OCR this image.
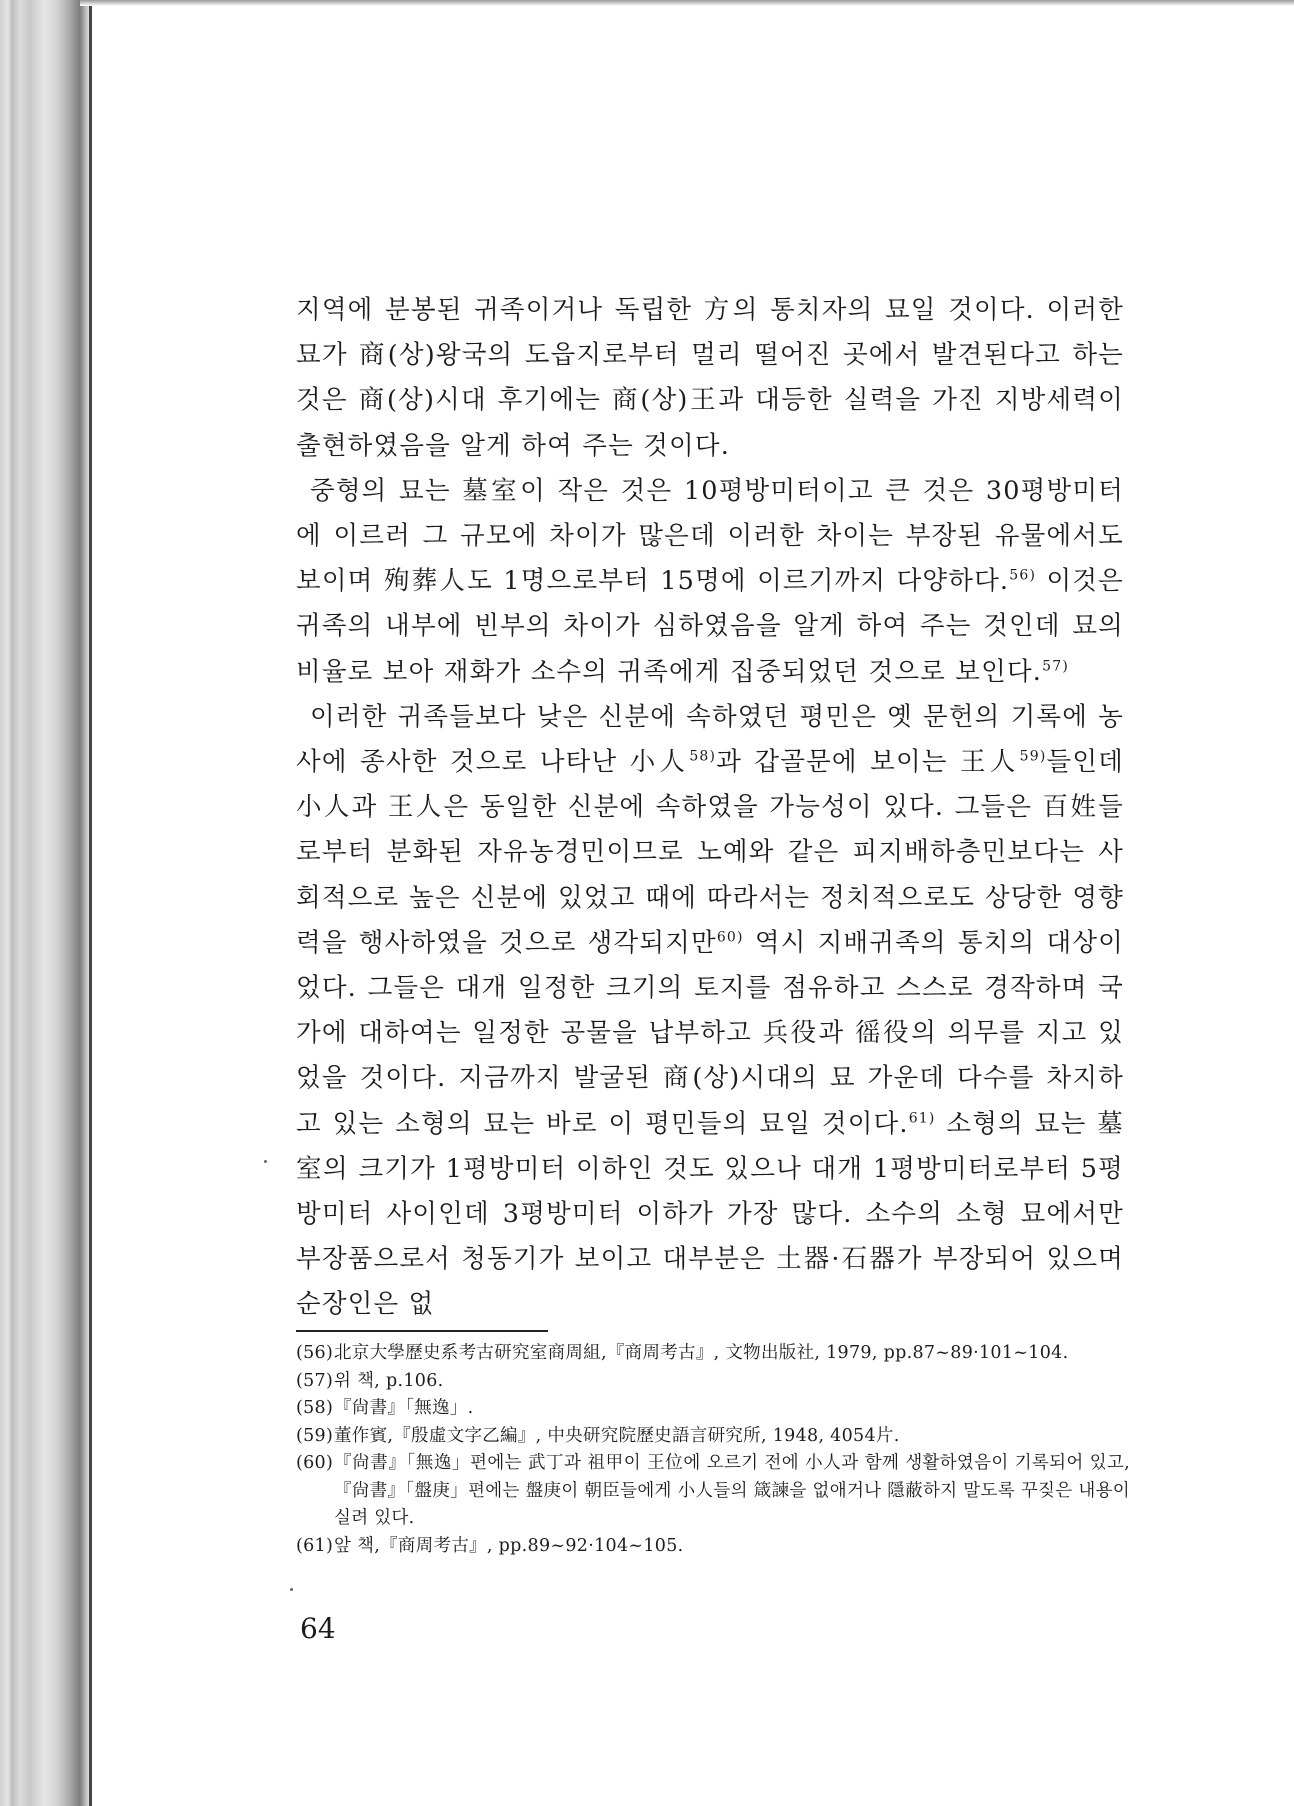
지역에 분봉된 귀족이거나 독립한 方의 통치자의 묘일 것이다. 이러한 묘가 商(상)왕국의 도읍지로부터 멀리 떨어진 곳에서 발견된다고 하는 것은 商(상)시대 후기에는 商(상)王과 대등한 실력을 가진 지방세력이 출현하였음을 알게 하여 주는 것이다.

중형의 묘는 墓室이 작은 것은 10평방미터이고 큰 것은 30평방미터에 이르러 그 규모에 차이가 많은데 이러한 차이는 부장된 유물에서도 보이며 殉葬人도 1명으로부터 15명에 이르기까지 다양하다.$^{56)}$ 이것은 귀족의 내부에 빈부의 차이가 심하였음을 알게 하여 주는 것인데 묘의 비율로 보아 재화가 소수의 귀족에게 집중되었던 것으로 보인다.$^{57)}$

이러한 귀족들보다 낮은 신분에 속하였던 평민은 옛 문헌의 기록에 농사에 종사한 것으로 나타난 小人$^{58)}$과 갑골문에 보이는 王人$^{59)}$들인데 小人과 王人은 동일한 신분에 속하였을 가능성이 있다. 그들은 百姓들로부터 분화된 자유농경민이므로 노예와 같은 피지배하층민보다는 사회적으로 높은 신분에 있었고 때에 따라서는 정치적으로도 상당한 영향력을 행사하였을 것으로 생각되지만$^{60)}$ 역시 지배귀족의 통치의 대상이었다. 그들은 대개 일정한 크기의 토지를 점유하고 스스로 경작하며 국가에 대하여는 일정한 공물을 납부하고 兵役과 徭役의 의무를 지고 있었을 것이다. 지금까지 발굴된 商(상)시대의 묘 가운데 다수를 차지하고 있는 소형의 묘는 바로 이 평민들의 묘일 것이다.$^{61)}$ 소형의 묘는 墓室의 크기가 1평방미터 이하인 것도 있으나 대개 1평방미터로부터 5평방미터 사이인데 3평방미터 이하가 가장 많다. 소수의 소형 묘에서만 부장품으로서 청동기가 보이고 대부분은 土器·石器가 부장되어 있으며 순장인은 없

(56) 北京大學歷史系考古研究室商周組,『商周考古』, 文物出版社, 1979, pp.87~89·101~104.
(57) 위 책, p.106.
(58) 『尙書』「無逸」.
(59) 董作賓,『殷虛文字乙編』, 中央研究院歷史語言研究所, 1948, 4054片.
(60) 『尙書』「無逸」편에는 武丁과 祖甲이 王位에 오르기 전에 小人과 함께 생활하였음이 기록되어 있고,『尙書』「盤庚」편에는 盤庚이 朝臣들에게 小人들의 箴諫을 없애거나 隱蔽하지 말도록 꾸짖은 내용이 실려 있다.
(61) 앞 책,『商周考古』, pp.89~92·104~105.
64
